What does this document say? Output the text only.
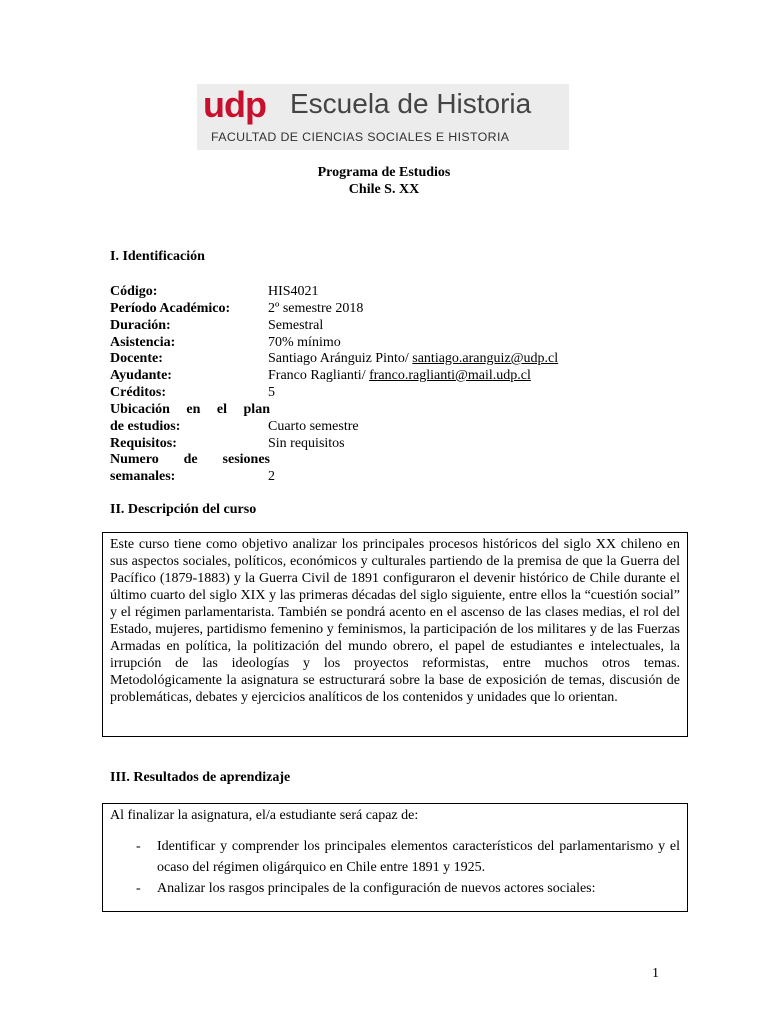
udp Escuela de Historia
FACULTAD DE CIENCIAS SOCIALES E HISTORIA
Programa de Estudios
Chile S. XX
I. Identificación
Código:	HIS4021
Período Académico:	2º semestre 2018
Duración:	Semestral
Asistencia:	70% mínimo
Docente:	Santiago Aránguiz Pinto/ santiago.aranguiz@udp.cl
Ayudante:	Franco Raglianti/ franco.raglianti@mail.udp.cl
Créditos:	5
Ubicación en el plan
de estudios:	Cuarto semestre
Requisitos:	Sin requisitos
Numero de sesiones
semanales:	2
II. Descripción del curso
Este curso tiene como objetivo analizar los principales procesos históricos del siglo XX chileno en sus aspectos sociales, políticos, económicos y culturales partiendo de la premisa de que la Guerra del Pacífico (1879-1883) y la Guerra Civil de 1891 configuraron el devenir histórico de Chile durante el último cuarto del siglo XIX y las primeras décadas del siglo siguiente, entre ellos la “cuestión social” y el régimen parlamentarista. También se pondrá acento en el ascenso de las clases medias, el rol del Estado, mujeres, partidismo femenino y feminismos, la participación de los militares y de las Fuerzas Armadas en política, la politización del mundo obrero, el papel de estudiantes e intelectuales, la irrupción de las ideologías y los proyectos reformistas, entre muchos otros temas. Metodológicamente la asignatura se estructurará sobre la base de exposición de temas, discusión de problemáticas, debates y ejercicios analíticos de los contenidos y unidades que lo orientan.
III. Resultados de aprendizaje
Al finalizar la asignatura, el/a estudiante será capaz de:
- Identificar y comprender los principales elementos característicos del parlamentarismo y el ocaso del régimen oligárquico en Chile entre 1891 y 1925.
- Analizar los rasgos principales de la configuración de nuevos actores sociales:
1
